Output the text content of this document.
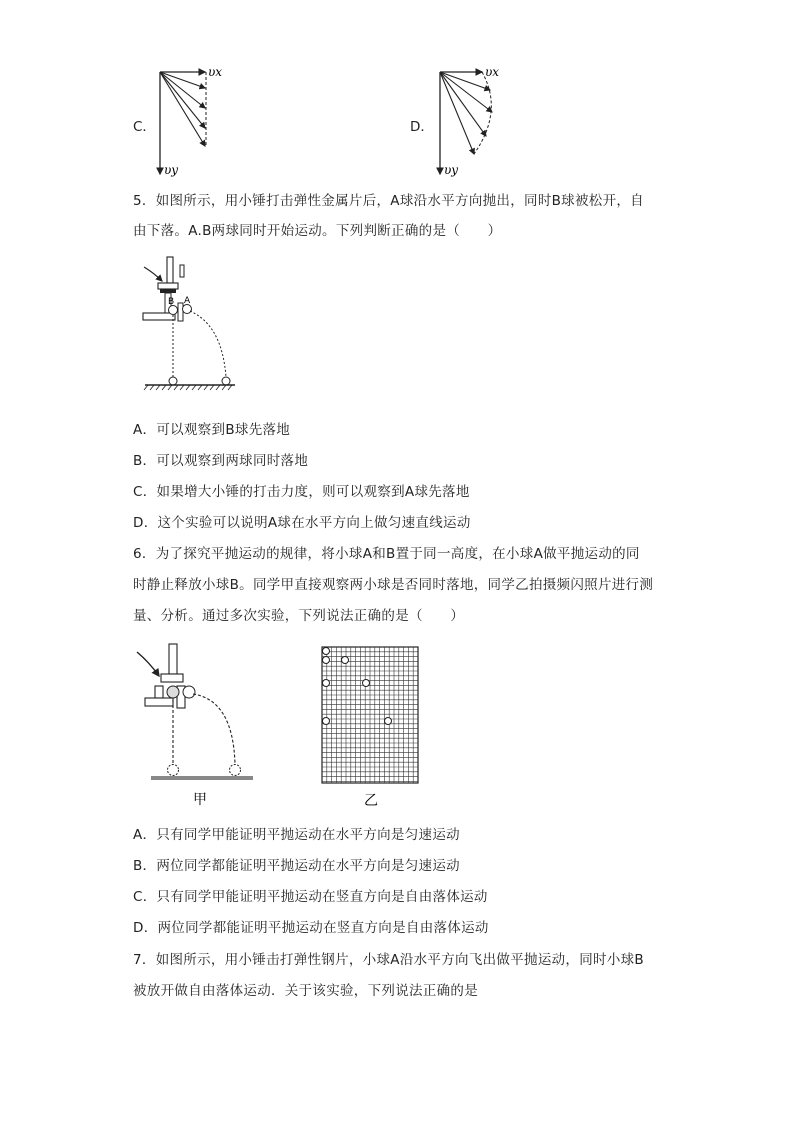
C．
υx
υy
D．
υx
υy
5．如图所示，用小锤打击弹性金属片后，A球沿水平方向抛出，同时B球被松开，自
由下落。A.B两球同时开始运动。下列判断正确的是（　　）
B A
A．可以观察到B球先落地
B．可以观察到两球同时落地
C．如果增大小锤的打击力度，则可以观察到A球先落地
D．这个实验可以说明A球在水平方向上做匀速直线运动
6．为了探究平抛运动的规律，将小球A和B置于同一高度，在小球A做平抛运动的同
时静止释放小球B。同学甲直接观察两小球是否同时落地，同学乙拍摄频闪照片进行测
量、分析。通过多次实验，下列说法正确的是（　　）
甲	乙
A．只有同学甲能证明平抛运动在水平方向是匀速运动
B．两位同学都能证明平抛运动在水平方向是匀速运动
C．只有同学甲能证明平抛运动在竖直方向是自由落体运动
D．两位同学都能证明平抛运动在竖直方向是自由落体运动
7．如图所示，用小锤击打弹性钢片，小球A沿水平方向飞出做平抛运动，同时小球B
被放开做自由落体运动．关于该实验，下列说法正确的是
